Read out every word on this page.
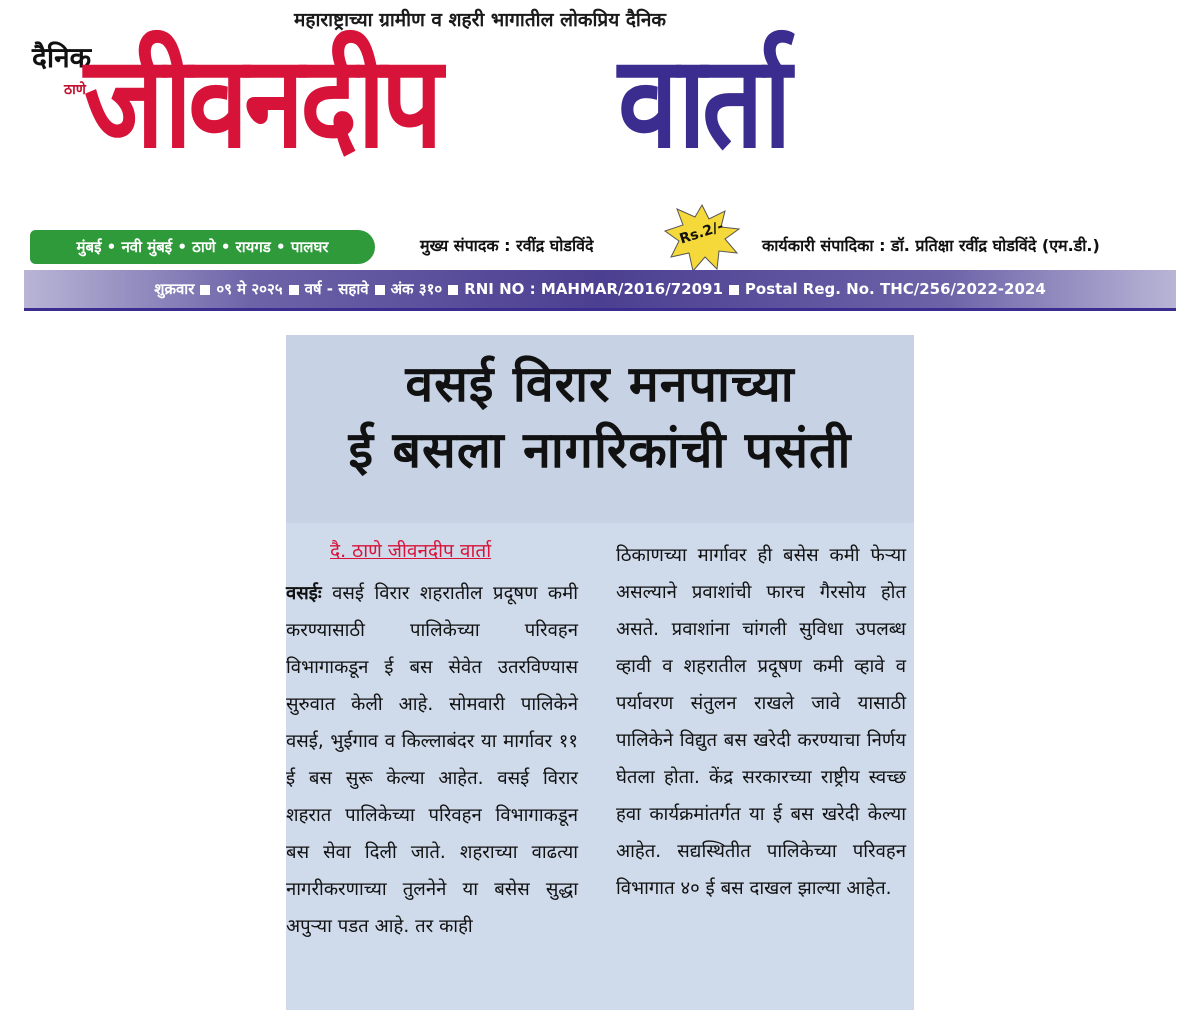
महाराष्ट्राच्या ग्रामीण व शहरी भागातील लोकप्रिय दैनिक
दैनिक
ठाणे
जीवनदीप वार्ता
मुंबई • नवी मुंबई • ठाणे • रायगड • पालघर	मुख्य संपादक : रवींद्र घोडविंदे	Rs.2/- कार्यकारी संपादिका : डॉ. प्रतिक्षा रवींद्र घोडविंदे (एम.डी.)
शुक्रवार ०९ मे २०२५ वर्ष - सहावे अंक ३१० RNI NO : MAHMAR/2016/72091 Postal Reg. No. THC/256/2022-2024
वसई विरार मनपाच्या
ई बसला नागरिकांची पसंती
दै. ठाणे जीवनदीप वार्ता
वसईः वसई विरार शहरातील प्रदूषण कमी करण्यासाठी पालिकेच्या परिवहन विभागाकडून ई बस सेवेत उतरविण्यास सुरुवात केली आहे. सोमवारी पालिकेने वसई, भुईगाव व किल्लाबंदर या मार्गावर ११ ई बस सुरू केल्या आहेत. वसई विरार शहरात पालिकेच्या परिवहन विभागाकडून बस सेवा दिली जाते. शहराच्या वाढत्या नागरीकरणाच्या तुलनेने या बसेस सुद्धा अपुऱ्या पडत आहे. तर काही
ठिकाणच्या मार्गावर ही बसेस कमी फेऱ्या असल्याने प्रवाशांची फारच गैरसोय होत असते. प्रवाशांना चांगली सुविधा उपलब्ध व्हावी व शहरातील प्रदूषण कमी व्हावे व पर्यावरण संतुलन राखले जावे यासाठी पालिकेने विद्युत बस खरेदी करण्याचा निर्णय घेतला होता. केंद्र सरकारच्या राष्ट्रीय स्वच्छ हवा कार्यक्रमांतर्गत या ई बस खरेदी केल्या आहेत. सद्यस्थितीत पालिकेच्या परिवहन विभागात ४० ई बस दाखल झाल्या आहेत.
